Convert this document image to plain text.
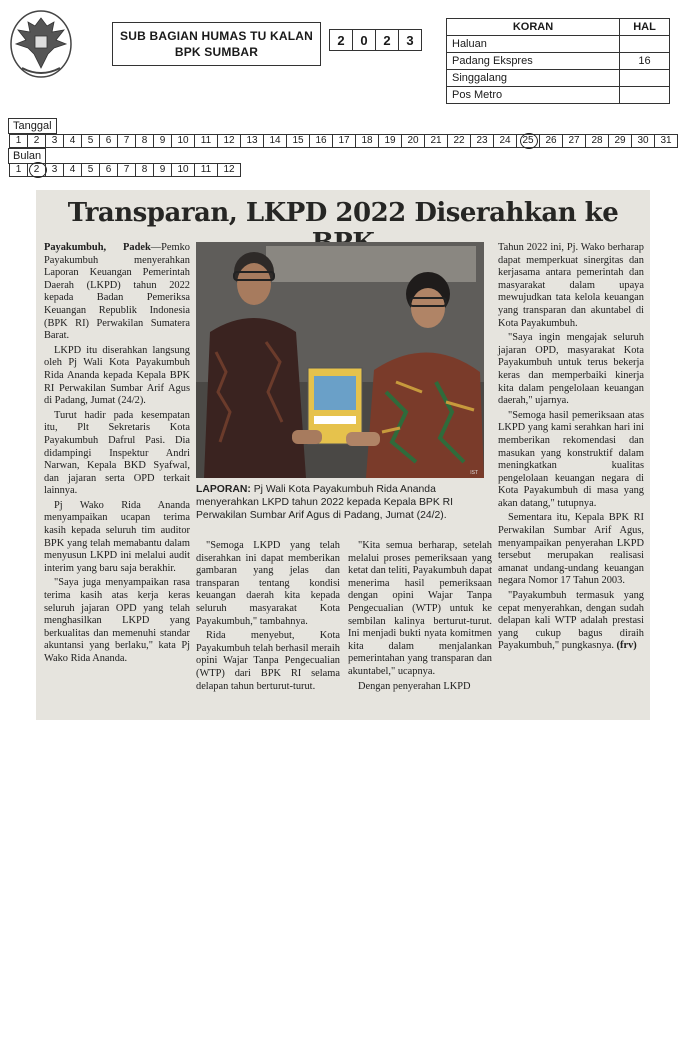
SUB BAGIAN HUMAS TU KALAN
BPK SUMBAR
2	0	2	3
KORAN	HAL
Haluan	
Padang Ekspres	16
Singgalang	
Pos Metro	
Tanggal
1	2	3	4	5	6	7	8	9	10	11	12	13	14	15	16	17	18	19	20	21	22	23	24	25	26	27	28	29	30	31
Bulan
1	2	3	4	5	6	7	8	9	10	11	12
Transparan, LKPD 2022 Diserahkan ke

Payakumbuh, Padek—Pemko Payakumbuh menyerahkan Laporan Keuangan Pemerintah Daerah (LKPD) tahun 2022 kepada Badan Pemeriksa Keuangan Republik Indonesia (BPK RI) Perwakilan Sumatera Barat.

LKPD itu diserahkan langsung oleh Pj Wali Kota Payakumbuh Rida Ananda kepada Kepala BPK RI Perwakilan Sumbar Arif Agus di Padang, Jumat (24/2).

Turut hadir pada kesempatan itu, Plt Sekretaris Kota Payakumbuh Dafrul Pasi. Dia didampingi Inspektur Andri Narwan, Kepala BKD Syafwal, dan jajaran serta OPD terkait lainnya.

Pj Wako Rida Ananda menyampaikan ucapan terima kasih kepada seluruh tim auditor BPK yang telah memabantu dalam menyusun LKPD ini melalui audit interim yang baru saja berakhir.

"Saya juga menyampaikan rasa terima kasih atas kerja keras seluruh jajaran OPD yang telah menghasilkan LKPD yang berkualitas dan memenuhi standar akuntansi yang berlaku," kata Pj Wako Rida Ananda.

IST
LAPORAN: Pj Wali Kota Payakumbuh Rida Ananda menyerahkan LKPD tahun 2022 kepada Kepala BPK RI Perwakilan Sumbar Arif Agus di Padang, Jumat (24/2).

"Semoga LKPD yang telah diserahkan ini dapat memberikan gambaran yang jelas dan transparan tentang kondisi keuangan daerah kita kepada seluruh masyarakat Kota Payakumbuh," tambahnya.

Rida menyebut, Kota Payakumbuh telah berhasil meraih opini Wajar Tanpa Pengecualian (WTP) dari BPK RI selama delapan tahun berturut-turut.

"Kita semua berharap, setelah melalui proses pemeriksaan yang ketat dan teliti, Payakumbuh dapat menerima hasil pemeriksaan dengan opini Wajar Tanpa Pengecualian (WTP) untuk ke sembilan kalinya berturut-turut. Ini menjadi bukti nyata komitmen kita dalam menjalankan pemerintahan yang transparan dan akuntabel," ucapnya.

Dengan penyerahan LKPD

Tahun 2022 ini, Pj. Wako berharap dapat memperkuat sinergitas dan kerjasama antara pemerintah dan masyarakat dalam upaya mewujudkan tata kelola keuangan yang transparan dan akuntabel di Kota Payakumbuh.

"Saya ingin mengajak seluruh jajaran OPD, masyarakat Kota Payakumbuh untuk terus bekerja keras dan memperbaiki kinerja kita dalam pengelolaan keuangan daerah," ujarnya.

"Semoga hasil pemeriksaan atas LKPD yang kami serahkan hari ini memberikan rekomendasi dan masukan yang konstruktif dalam meningkatkan kualitas pengelolaan keuangan negara di Kota Payakumbuh di masa yang akan datang," tutupnya.

Sementara itu, Kepala BPK RI Perwakilan Sumbar Arif Agus, menyampaikan penyerahan LKPD tersebut merupakan realisasi amanat undang-undang keuangan negara Nomor 17 Tahun 2003.

"Payakumbuh termasuk yang cepat menyerahkan, dengan sudah delapan kali WTP adalah prestasi yang cukup bagus diraih Payakumbuh," pungkasnya. (frv)
